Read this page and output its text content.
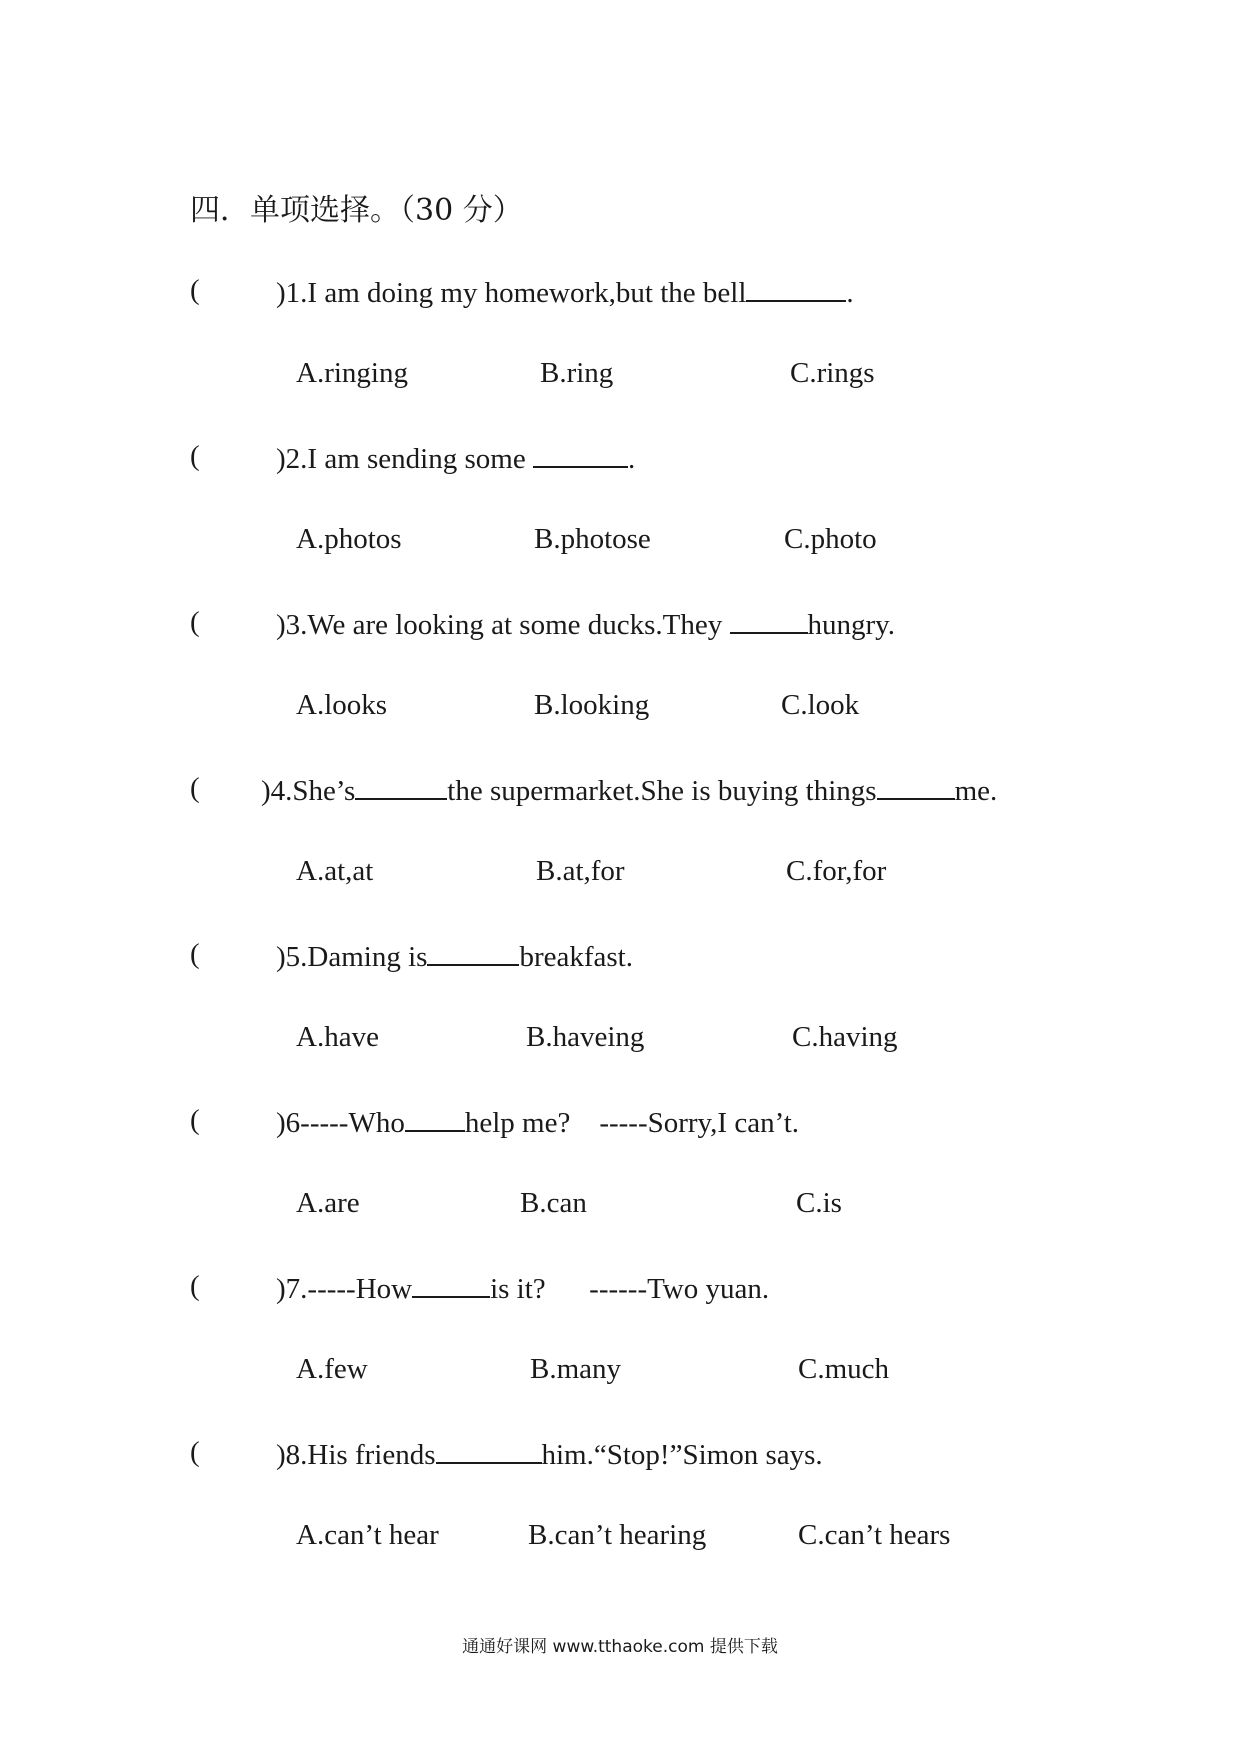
四．单项选择。（30 分）
(	)1.I am doing my homework,but the bell	.
A.ringing	B.ring	C.rings
(	)2.I am sending some	.
A.photos	B.photose	C.photo
(	)3.We are looking at some ducks.They	hungry.
A.looks	B.looking	C.look
( )4.She’s	the supermarket.She is buying things	me.
A.at,at	B.at,for	C.for,for
(	)5.Daming is	breakfast.
A.have	B.haveing	C.having
(	)6-----Who help me?    -----Sorry,I can’t.
A.are	B.can	C.is
(	)7.-----How	is it?      ------Two yuan.
A.few	B.many	C.much
(	)8.His friends	him.“Stop!”Simon says.
A.can’t hear	B.can’t hearing	C.can’t hears
通通好课网 www.tthaoke.com 提供下载
